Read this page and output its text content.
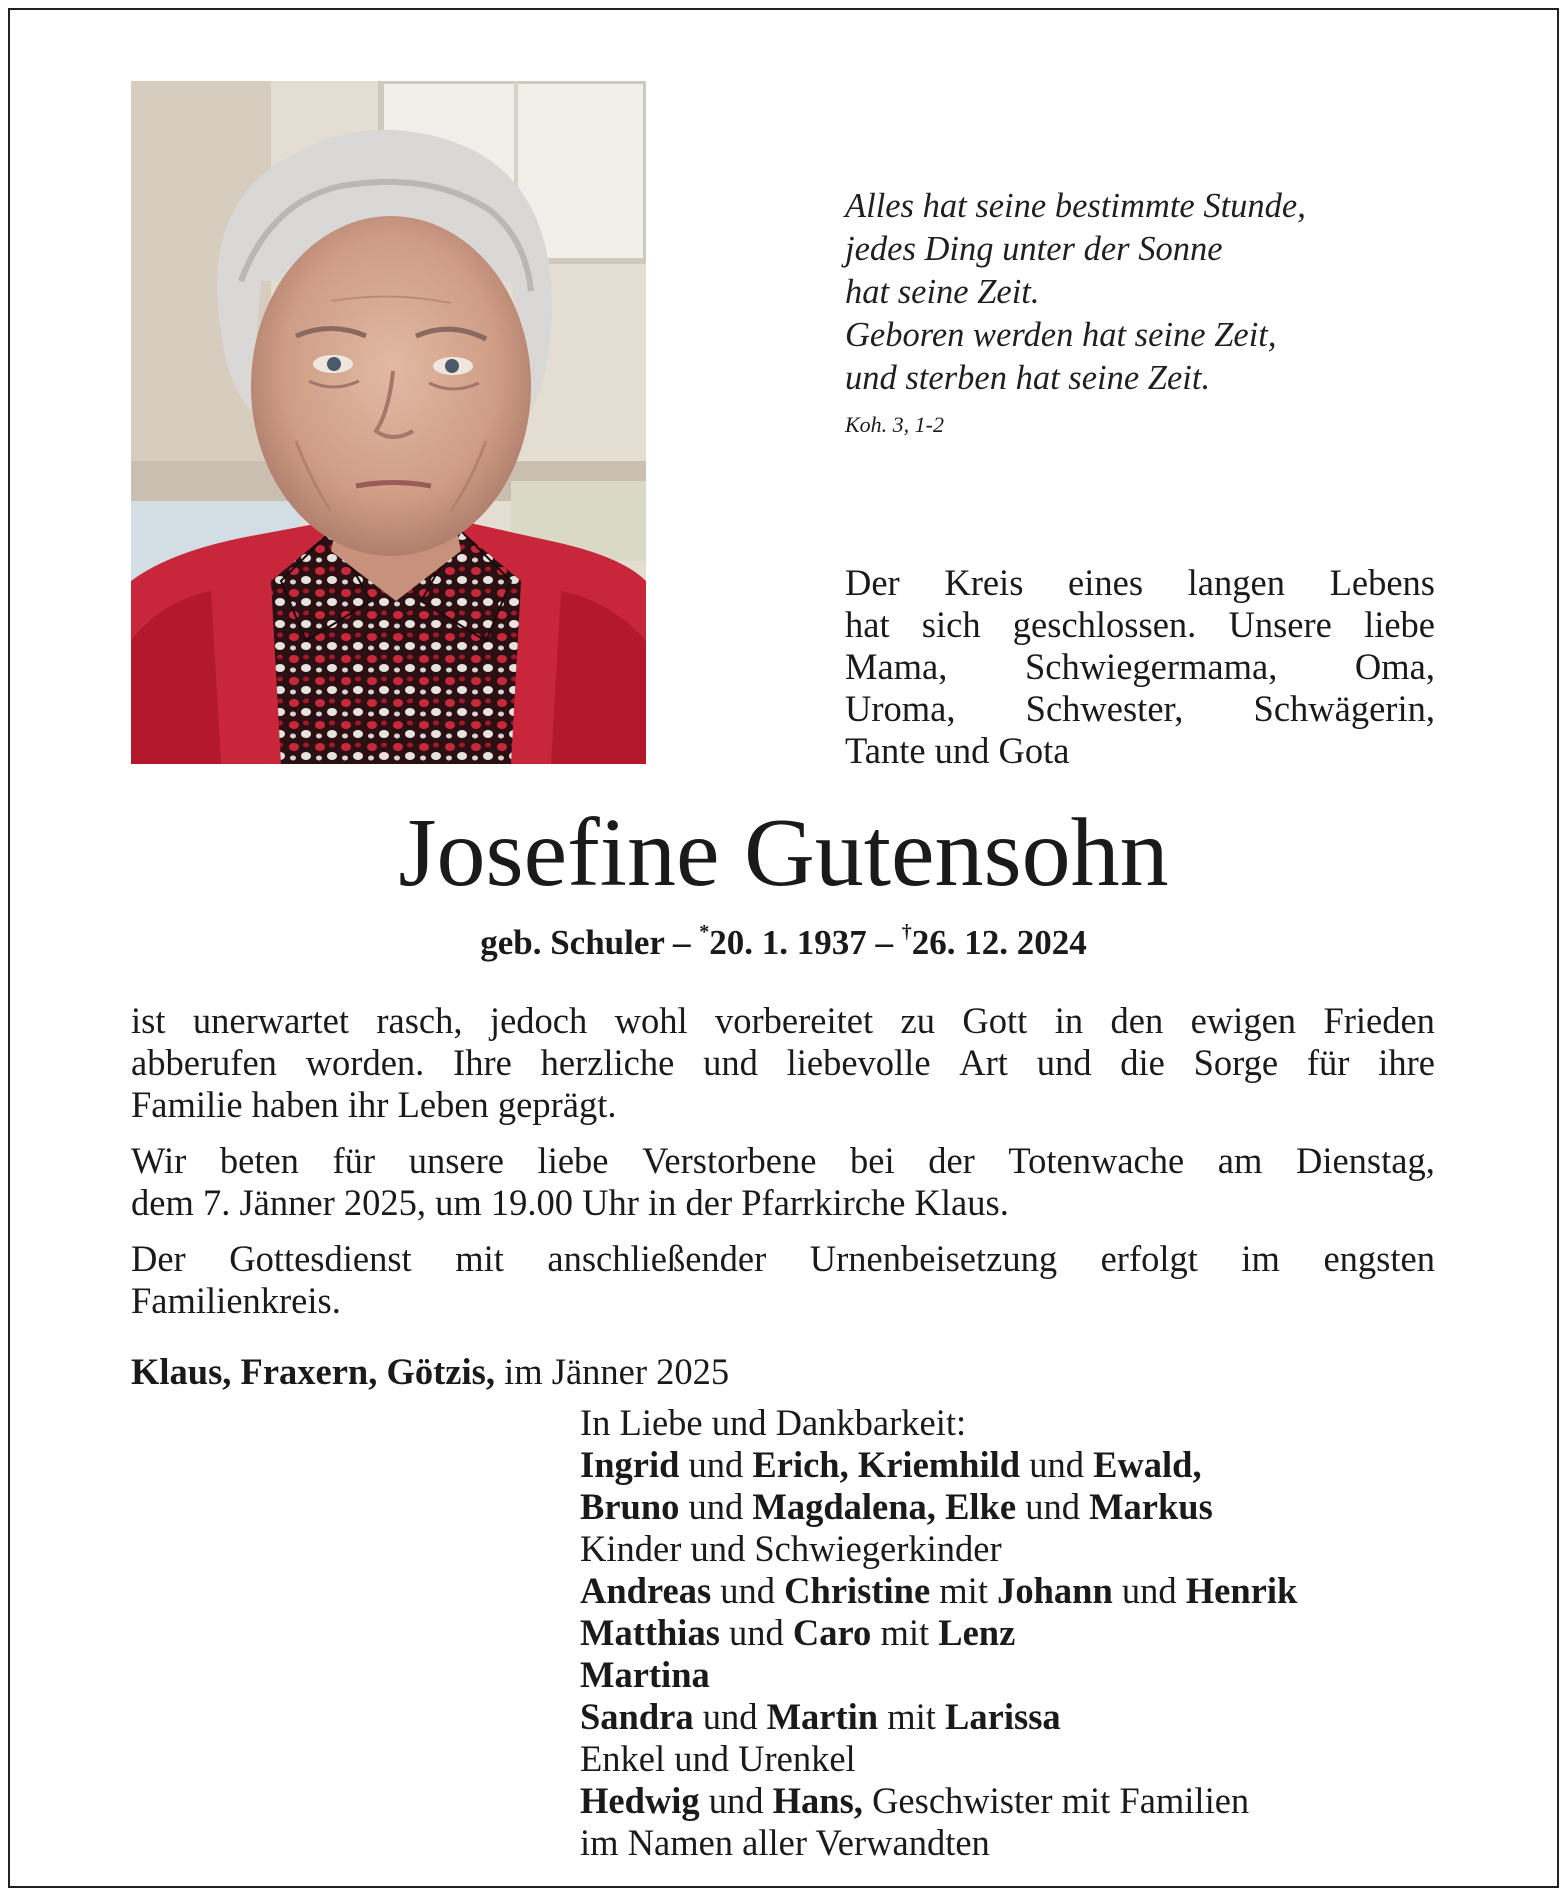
Alles hat seine bestimmte Stunde,
jedes Ding unter der Sonne
hat seine Zeit.
Geboren werden hat seine Zeit,
und sterben hat seine Zeit.
Koh. 3, 1-2
Der Kreis eines langen Lebens
hat sich geschlossen. Unsere liebe
Mama, Schwiegermama, Oma,
Uroma, Schwester, Schwägerin,
Tante und Gota
Josefine Gutensohn
geb. Schuler – *20. 1. 1937 – †26. 12. 2024
ist unerwartet rasch, jedoch wohl vorbereitet zu Gott in den ewigen Frieden
abberufen worden. Ihre herzliche und liebevolle Art und die Sorge für ihre
Familie haben ihr Leben geprägt.
Wir beten für unsere liebe Verstorbene bei der Totenwache am Dienstag,
dem 7. Jänner 2025, um 19.00 Uhr in der Pfarrkirche Klaus.
Der Gottesdienst mit anschließender Urnenbeisetzung erfolgt im engsten
Familienkreis.
Klaus, Fraxern, Götzis, im Jänner 2025
In Liebe und Dankbarkeit:
Ingrid und Erich, Kriemhild und Ewald,
Bruno und Magdalena, Elke und Markus
Kinder und Schwiegerkinder
Andreas und Christine mit Johann und Henrik
Matthias und Caro mit Lenz
Martina
Sandra und Martin mit Larissa
Enkel und Urenkel
Hedwig und Hans, Geschwister mit Familien
im Namen aller Verwandten
